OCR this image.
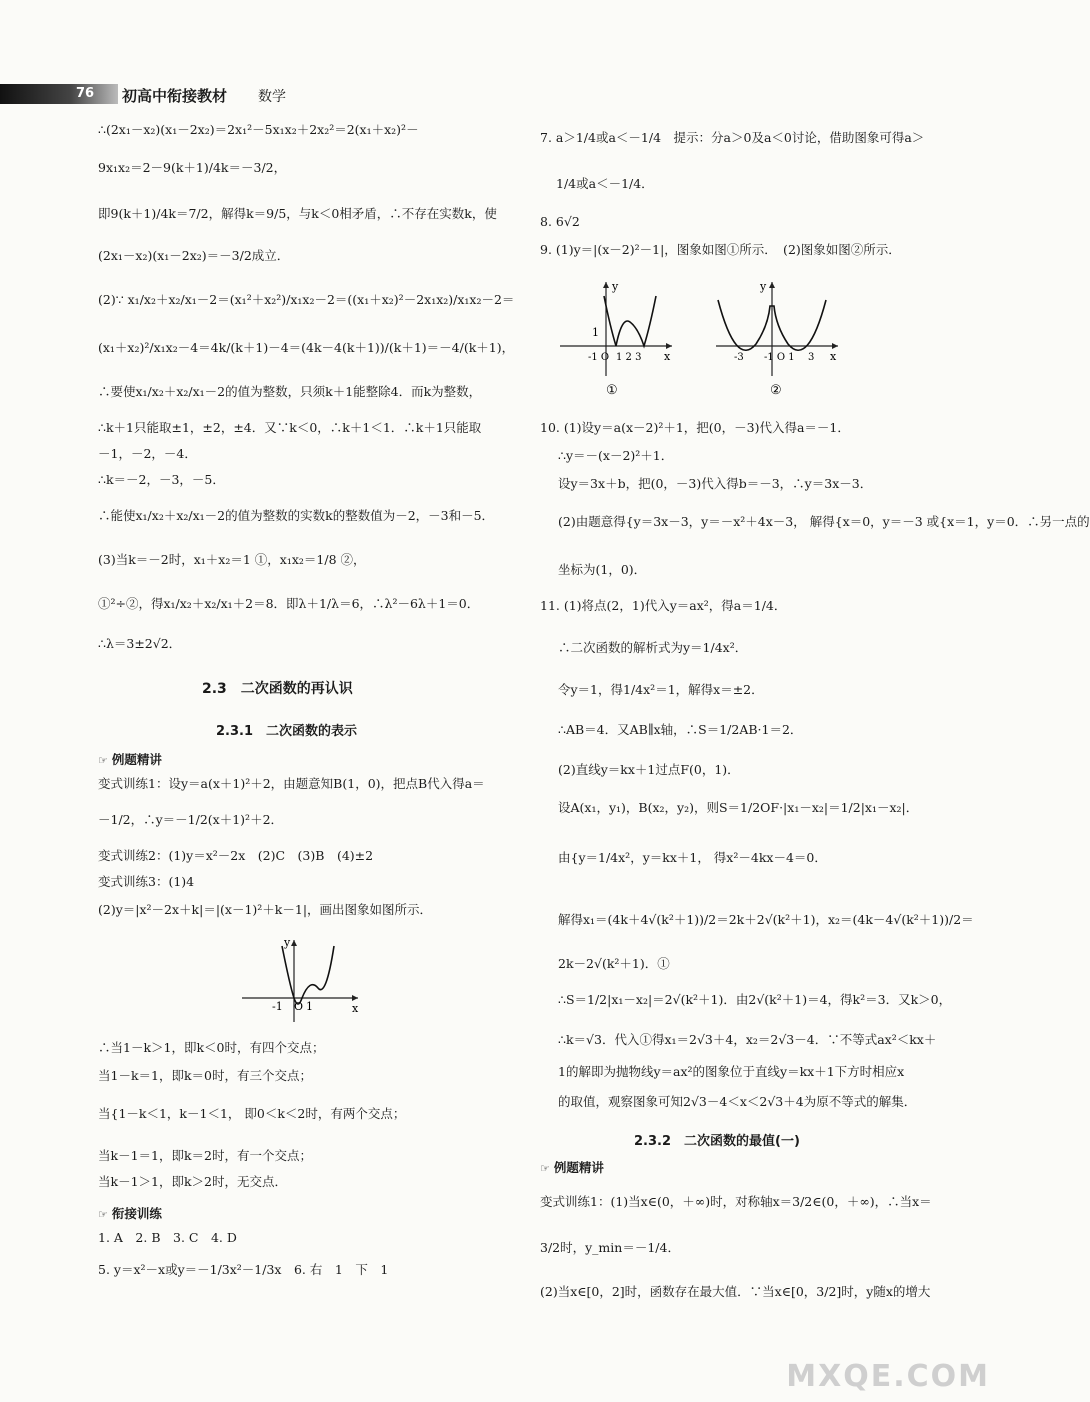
76 初高中衔接教材 数学
∴(2x₁－x₂)(x₁－2x₂)＝2x₁²－5x₁x₂＋2x₂²＝2(x₁＋x₂)²－
9x₁x₂＝2－9(k＋1)/4k＝－3/2，
即9(k＋1)/4k＝7/2，解得k＝9/5，与k＜0相矛盾，∴不存在实数k，使
(2x₁－x₂)(x₁－2x₂)＝－3/2成立．
(2)∵ x₁/x₂＋x₂/x₁－2＝(x₁²＋x₂²)/x₁x₂－2＝((x₁＋x₂)²－2x₁x₂)/x₁x₂－2＝
(x₁＋x₂)²/x₁x₂－4＝4k/(k＋1)－4＝(4k－4(k＋1))/(k＋1)＝－4/(k＋1)，
∴要使x₁/x₂＋x₂/x₁－2的值为整数，只须k＋1能整除4．而k为整数，
∴k＋1只能取±1，±2，±4．又∵k＜0，∴k＋1＜1．∴k＋1只能取
－1，－2，－4．
∴k＝－2，－3，－5．
∴能使x₁/x₂＋x₂/x₁－2的值为整数的实数k的整数值为－2，－3和－5．
(3)当k＝－2时，x₁＋x₂＝1 ①，x₁x₂＝1/8 ②，
①²÷②，得x₁/x₂＋x₂/x₁＋2＝8．即λ＋1/λ＝6，∴λ²－6λ＋1＝0．
∴λ＝3±2√2．
2.3　二次函数的再认识
2.3.1　二次函数的表示
☞ 例题精讲
变式训练1：设y＝a(x＋1)²＋2，由题意知B(1，0)，把点B代入得a＝
－1/2，∴y＝－1/2(x＋1)²＋2．
变式训练2：(1)y＝x²－2x　(2)C　(3)B　(4)±2
变式训练3：(1)4
(2)y＝|x²－2x＋k|＝|(x－1)²＋k－1|，画出图象如图所示．
y
x
-1 O 1
∴当1－k＞1，即k＜0时，有四个交点；
当1－k＝1，即k＝0时，有三个交点；
当{1－k＜1，k－1＜1， 即0＜k＜2时，有两个交点；
当k－1＝1，即k＝2时，有一个交点；
当k－1＞1，即k＞2时，无交点．
☞ 衔接训练
1. A　2. B　3. C　4. D
5. y＝x²－x或y＝－1/3x²－1/3x　6. 右　1　下　1
7. a＞1/4或a＜－1/4　提示：分a＞0及a＜0讨论，借助图象可得a＞
1/4或a＜－1/4．
8. 6√2
9. (1)y＝|(x－2)²－1|，图象如图①所示．　(2)图象如图②所示．
y
x
1
-1 O 1 2 3
①
y
x
-3 -1 O 1 3
②
10. (1)设y＝a(x－2)²＋1，把(0，－3)代入得a＝－1．
∴y＝－(x－2)²＋1．
设y＝3x＋b，把(0，－3)代入得b＝－3，∴y＝3x－3．
(2)由题意得{y＝3x－3，y＝－x²＋4x－3， 解得{x＝0，y＝－3 或{x＝1，y＝0．∴另一点的
坐标为(1，0)．
11. (1)将点(2，1)代入y＝ax²，得a＝1/4．
∴二次函数的解析式为y＝1/4x²．
令y＝1，得1/4x²＝1，解得x＝±2．
∴AB＝4．又AB∥x轴，∴S＝1/2AB·1＝2．
(2)直线y＝kx＋1过点F(0，1)．
设A(x₁，y₁)，B(x₂，y₂)，则S＝1/2OF·|x₁－x₂|＝1/2|x₁－x₂|．
由{y＝1/4x²，y＝kx＋1， 得x²－4kx－4＝0．
解得x₁＝(4k＋4√(k²＋1))/2＝2k＋2√(k²＋1)，x₂＝(4k－4√(k²＋1))/2＝
2k－2√(k²＋1)．①
∴S＝1/2|x₁－x₂|＝2√(k²＋1)．由2√(k²＋1)＝4，得k²＝3．又k＞0，
∴k＝√3．代入①得x₁＝2√3＋4，x₂＝2√3－4．∵不等式ax²＜kx＋
1的解即为抛物线y＝ax²的图象位于直线y＝kx＋1下方时相应x
的取值，观察图象可知2√3－4＜x＜2√3＋4为原不等式的解集．
2.3.2　二次函数的最值(一)
☞ 例题精讲
变式训练1：(1)当x∈(0，＋∞)时，对称轴x＝3/2∈(0，＋∞)，∴当x＝
3/2时，y_min＝－1/4．
(2)当x∈[0，2]时，函数存在最大值．∵当x∈[0，3/2]时，y随x的增大
MXQE.COM
